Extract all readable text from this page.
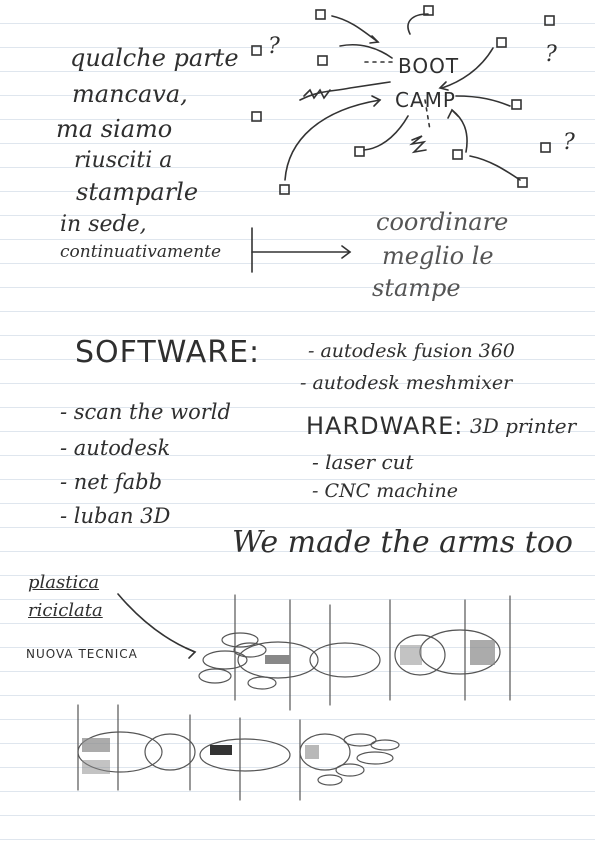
qualche parte
mancava,
ma siamo
riusciti a
stamparle
in sede,
continuativamente
BOOT
CAMP
?	?
?
coordinare
meglio le
stampe
SOFTWARE:
- scan the world
- autodesk
- net fabb
- luban 3D
- autodesk fusion 360
- autodesk meshmixer
HARDWARE: 3D printer
- laser cut
- CNC machine
We made the arms too
plastica
riciclata
NUOVA TECNICA
